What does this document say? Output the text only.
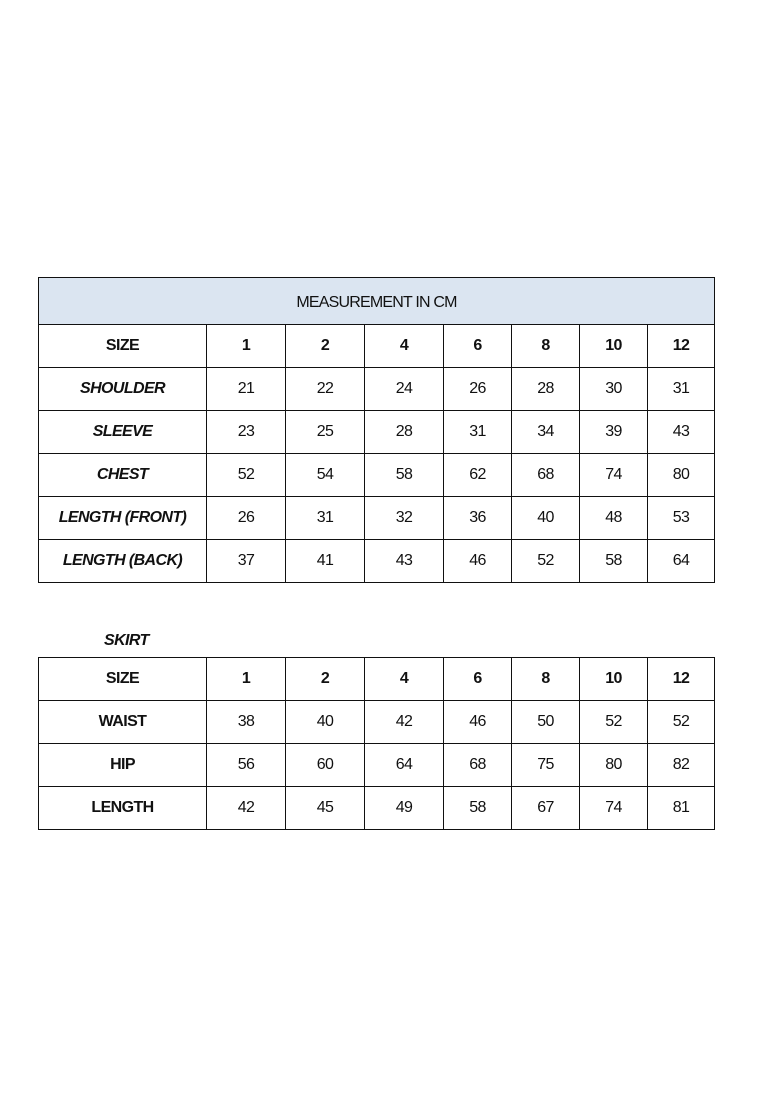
MEASUREMENT IN CM							
SIZE	1	2	4	6	8	10	12
SHOULDER	21	22	24	26	28	30	31
SLEEVE	23	25	28	31	34	39	43
CHEST	52	54	58	62	68	74	80
LENGTH (FRONT)	26	31	32	36	40	48	53
LENGTH (BACK)	37	41	43	46	52	58	64
SKIRT
SIZE	1	2	4	6	8	10	12
WAIST	38	40	42	46	50	52	52
HIP	56	60	64	68	75	80	82
LENGTH	42	45	49	58	67	74	81
